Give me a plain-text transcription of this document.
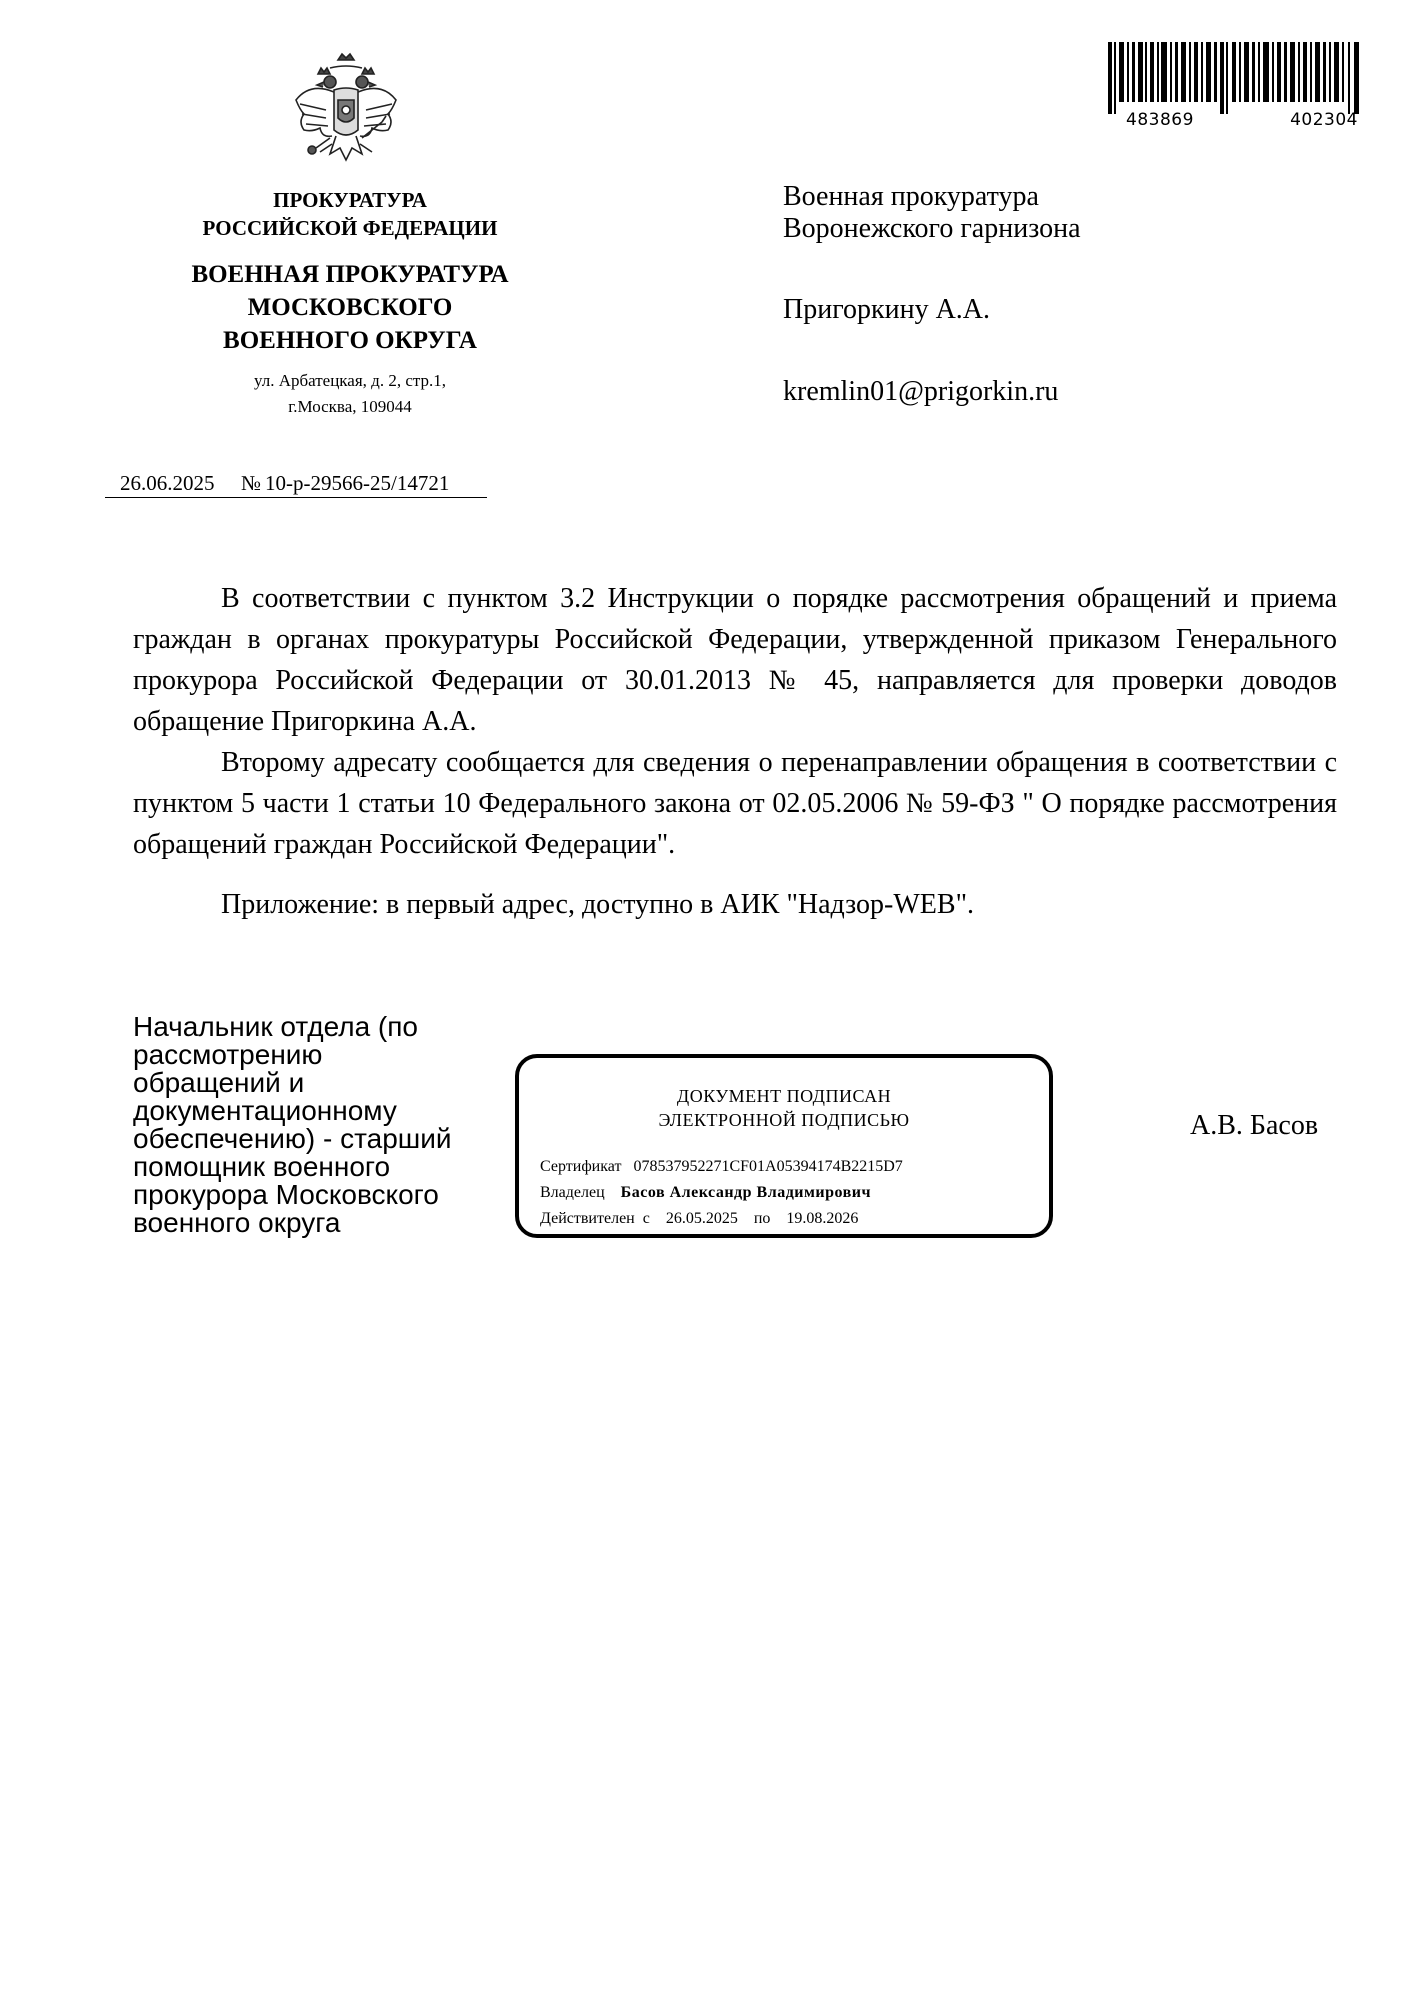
483869	402304
ПРОКУРАТУРА
РОССИЙСКОЙ ФЕДЕРАЦИИ
ВОЕННАЯ ПРОКУРАТУРА
МОСКОВСКОГО
ВОЕННОГО ОКРУГА
ул. Арбатецкая, д. 2, стр.1,
г.Москва, 109044
26.06.2025 № 10-р-29566-25/14721
Военная прокуратура
Воронежского гарнизона
Пригоркину А.А.
kremlin01@prigorkin.ru

В соответствии с пунктом 3.2 Инструкции о порядке рассмотрения обращений и приема граждан в органах прокуратуры Российской Федерации, утвержденной приказом Генерального прокурора Российской Федерации от 30.01.2013 № 45, направляется для проверки доводов обращение Пригоркина А.А.

Второму адресату сообщается для сведения о перенаправлении обращения в соответствии с пунктом 5 части 1 статьи 10 Федерального закона от 02.05.2006 № 59-ФЗ " О порядке рассмотрения обращений граждан Российской Федерации".

Приложение: в первый адрес, доступно в АИК "Надзор-WEB".

Начальник отдела (по
рассмотрению
обращений и
документационному
обеспечению) - старший
помощник военного
прокурора Московского
военного округа
ДОКУМЕНТ ПОДПИСАН
ЭЛЕКТРОННОЙ ПОДПИСЬЮ
Сертификат 078537952271CF01A05394174B2215D7
Владелец Басов Александр Владимирович
Действителен  с 26.05.2025 по 19.08.2026
А.В. Басов
